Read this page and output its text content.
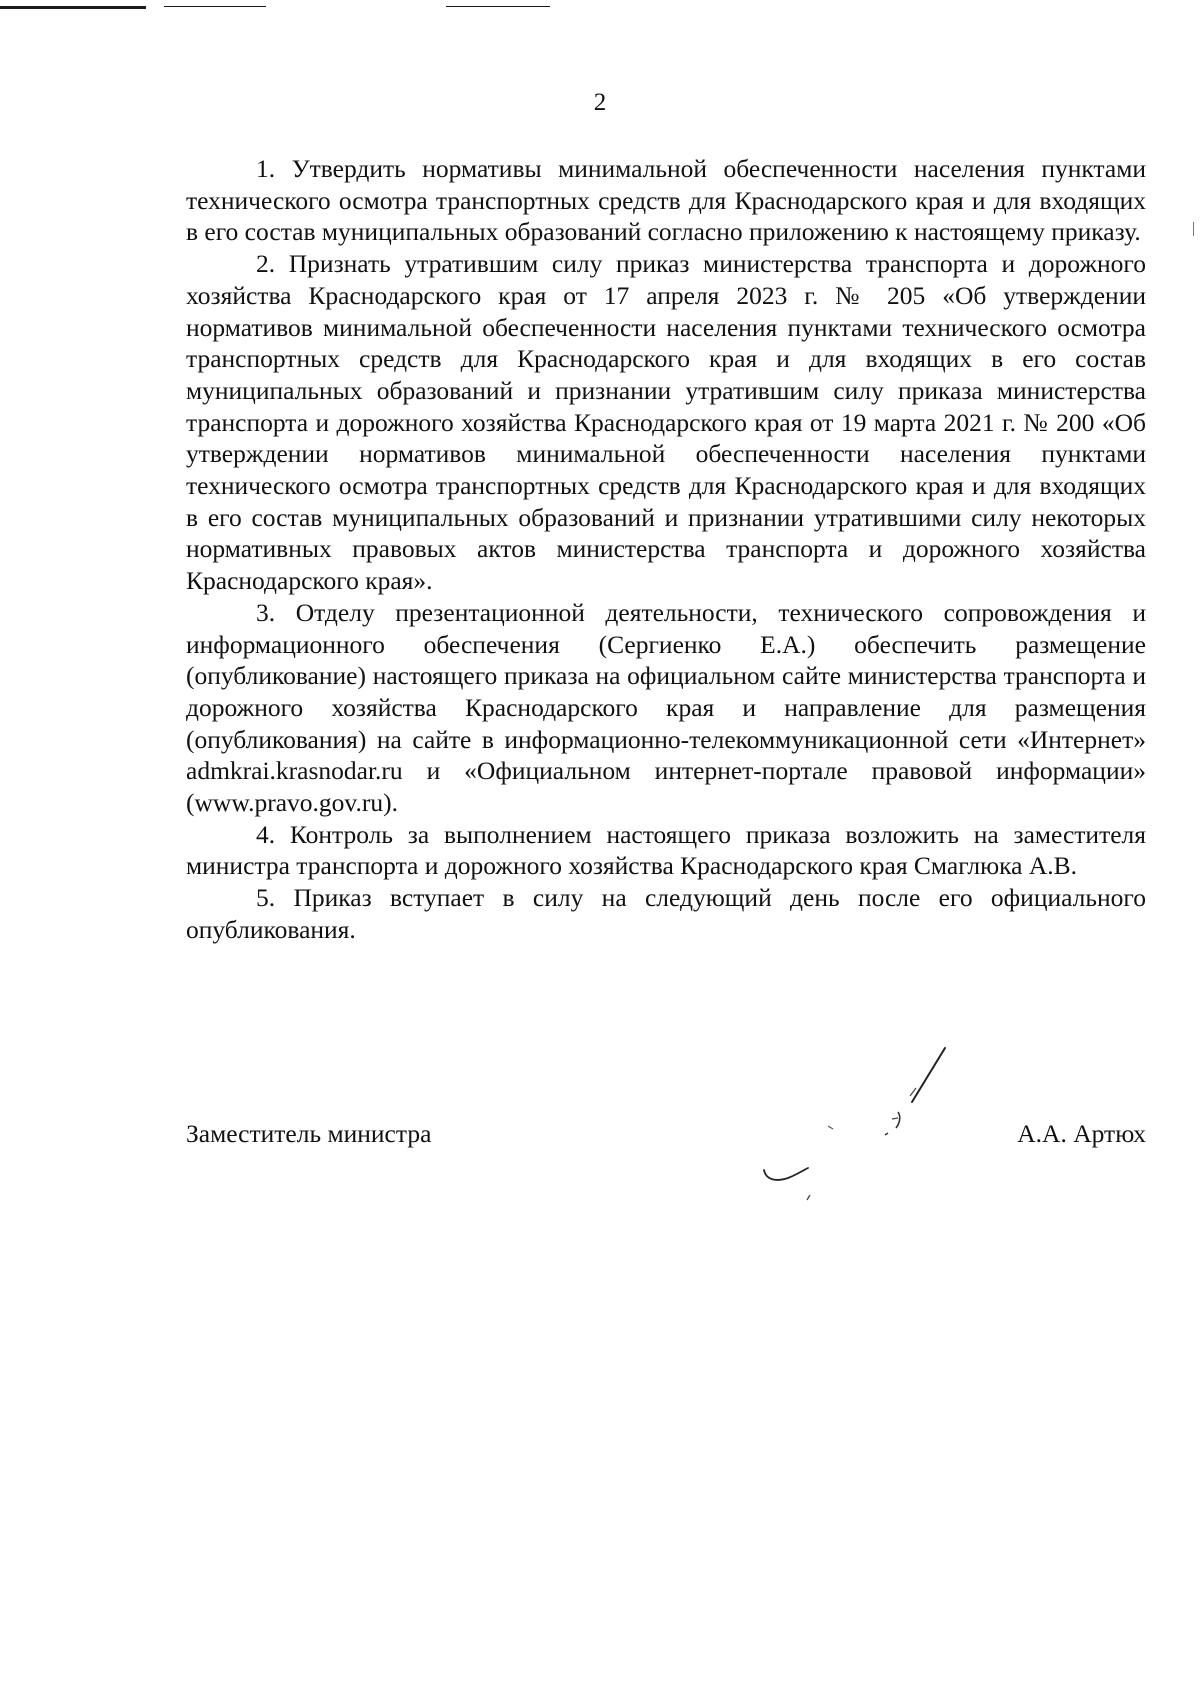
2

1. Утвердить нормативы минимальной обеспеченности населения пунктами технического осмотра транспортных средств для Краснодарского края и для входящих в его состав муниципальных образований согласно приложению к настоящему приказу.

2. Признать утратившим силу приказ министерства транспорта и дорожного хозяйства Краснодарского края от 17 апреля 2023 г. № 205 «Об утверждении нормативов минимальной обеспеченности населения пунктами технического осмотра транспортных средств для Краснодарского края и для входящих в его состав муниципальных образований и признании утратившим силу приказа министерства транспорта и дорожного хозяйства Краснодарского края от 19 марта 2021 г. № 200 «Об утверждении нормативов минимальной обеспеченности населения пунктами технического осмотра транспортных средств для Краснодарского края и для входящих в его состав муниципальных образований и признании утратившими силу некоторых нормативных правовых актов министерства транспорта и дорожного хозяйства Краснодарского края».

3. Отделу презентационной деятельности, технического сопровождения и информационного обеспечения (Сергиенко Е.А.) обеспечить размещение (опубликование) настоящего приказа на официальном сайте министерства транспорта и дорожного хозяйства Краснодарского края и направление для размещения (опубликования) на сайте в информационно-телекоммуникационной сети «Интернет» admkrai.krasnodar.ru и «Официальном интернет-портале правовой информации» (www.pravo.gov.ru).

4. Контроль за выполнением настоящего приказа возложить на заместителя министра транспорта и дорожного хозяйства Краснодарского края Смаглюка А.В.

5. Приказ вступает в силу на следующий день после его официального опубликования.

Заместитель министра	А.А. Артюх
